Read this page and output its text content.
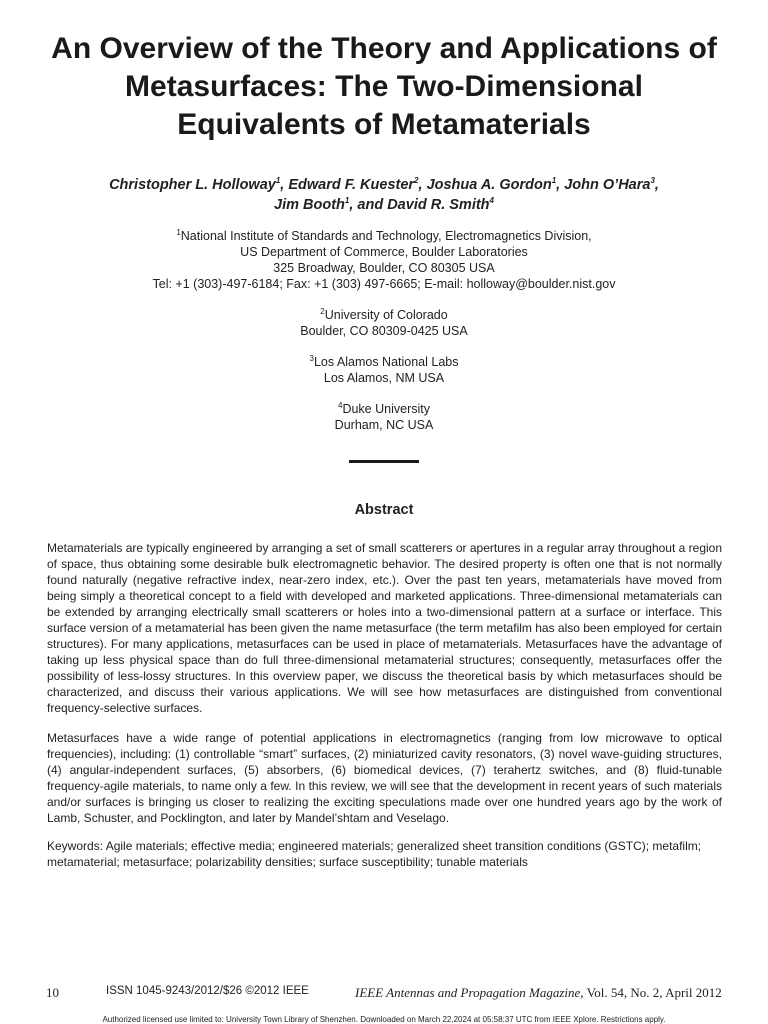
An Overview of the Theory and Applications of Metasurfaces: The Two-Dimensional Equivalents of Metamaterials
Christopher L. Holloway$^1$, Edward F. Kuester$^2$, Joshua A. Gordon$^1$, John O’Hara$^3$,
Jim Booth$^1$, and David R. Smith$^4$
$^1$National Institute of Standards and Technology, Electromagnetics Division,
US Department of Commerce, Boulder Laboratories
325 Broadway, Boulder, CO 80305 USA
Tel: +1 (303)-497-6184; Fax: +1 (303) 497-6665; E-mail: holloway@boulder.nist.gov
$^2$University of Colorado
Boulder, CO 80309-0425 USA
$^3$Los Alamos National Labs
Los Alamos, NM USA
$^4$Duke University
Durham, NC USA
Abstract

Metamaterials are typically engineered by arranging a set of small scatterers or apertures in a regular array throughout a region of space, thus obtaining some desirable bulk electromagnetic behavior. The desired property is often one that is not normally found naturally (negative refractive index, near-zero index, etc.). Over the past ten years, metamaterials have moved from being simply a theoretical concept to a field with developed and marketed applications. Three-dimensional metamaterials can be extended by arranging electrically small scatterers or holes into a two-dimensional pattern at a surface or interface. This surface version of a metamaterial has been given the name metasurface (the term metafilm has also been employed for certain structures). For many applications, metasurfaces can be used in place of metamaterials. Metasurfaces have the advantage of taking up less physical space than do full three-dimensional metamaterial structures; consequently, metasurfaces offer the possibility of less-lossy structures. In this overview paper, we discuss the theoretical basis by which metasurfaces should be characterized, and discuss their various applications. We will see how metasurfaces are distinguished from conventional frequency-selective surfaces.

Metasurfaces have a wide range of potential applications in electromagnetics (ranging from low microwave to optical frequencies), including: (1) controllable “smart” surfaces, (2) miniaturized cavity resonators, (3) novel wave-guiding structures, (4) angular-independent surfaces, (5) absorbers, (6) biomedical devices, (7) terahertz switches, and (8) fluid-tunable frequency-agile materials, to name only a few. In this review, we will see that the development in recent years of such materials and/or surfaces is bringing us closer to realizing the exciting speculations made over one hundred years ago by the work of Lamb, Schuster, and Pocklington, and later by Mandel’shtam and Veselago.

Keywords: Agile materials; effective media; engineered materials; generalized sheet transition conditions (GSTC); metafilm; metamaterial; metasurface; polarizability densities; surface susceptibility; tunable materials

10	ISSN 1045-9243/2012/$26 ©2012 IEEE	IEEE Antennas and Propagation Magazine, Vol. 54, No. 2, April 2012
Authorized licensed use limited to: University Town Library of Shenzhen. Downloaded on March 22,2024 at 05:58:37 UTC from IEEE Xplore. Restrictions apply.
